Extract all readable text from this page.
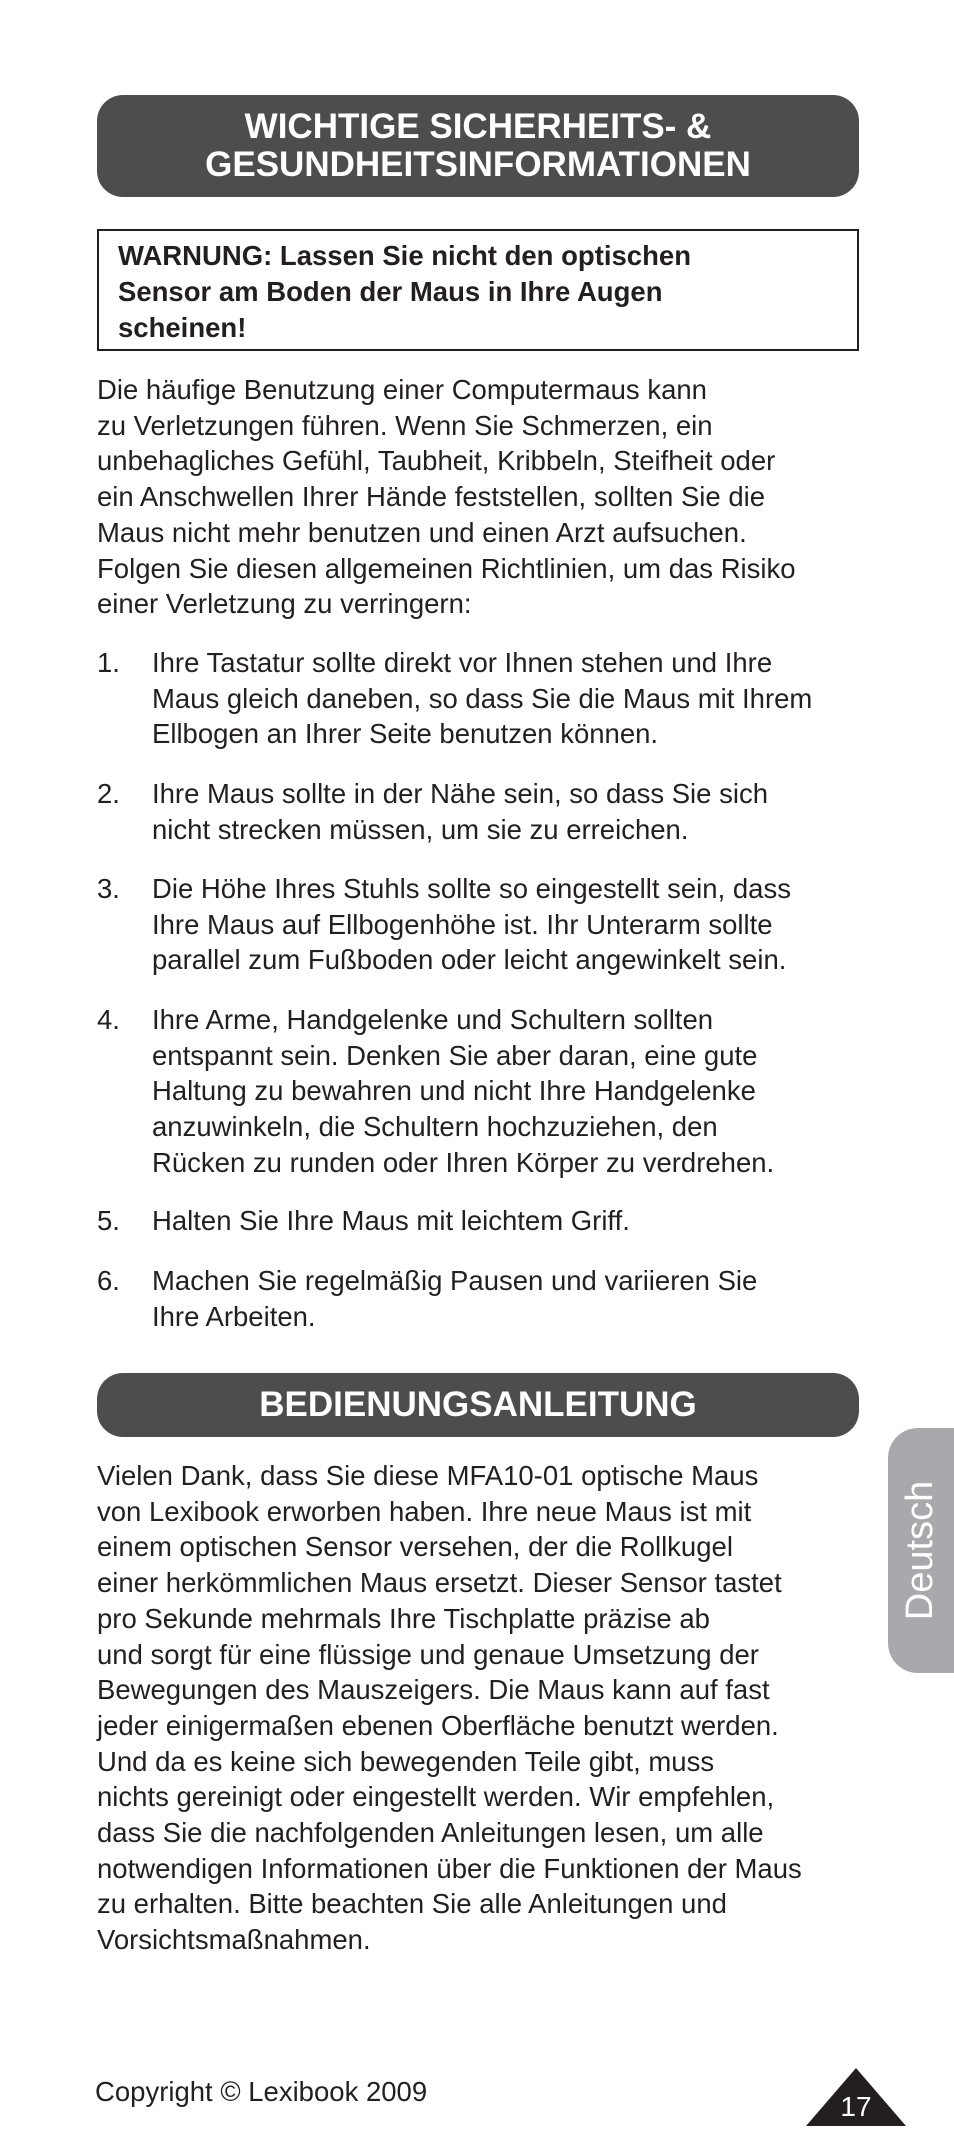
WICHTIGE SICHERHEITS- &
GESUNDHEITSINFORMATIONEN
WARNUNG: Lassen Sie nicht den optischen
Sensor am Boden der Maus in Ihre Augen
scheinen!
Die häufige Benutzung einer Computermaus kann
zu Verletzungen führen. Wenn Sie Schmerzen, ein
unbehagliches Gefühl, Taubheit, Kribbeln, Steifheit oder
ein Anschwellen Ihrer Hände feststellen, sollten Sie die
Maus nicht mehr benutzen und einen Arzt aufsuchen.
Folgen Sie diesen allgemeinen Richtlinien, um das Risiko
einer Verletzung zu verringern:
1.	Ihre Tastatur sollte direkt vor Ihnen stehen und Ihre
Maus gleich daneben, so dass Sie die Maus mit Ihrem
Ellbogen an Ihrer Seite benutzen können.
2.	Ihre Maus sollte in der Nähe sein, so dass Sie sich
nicht strecken müssen, um sie zu erreichen.
3.	Die Höhe Ihres Stuhls sollte so eingestellt sein, dass
Ihre Maus auf Ellbogenhöhe ist. Ihr Unterarm sollte
parallel zum Fußboden oder leicht angewinkelt sein.
4.	Ihre Arme, Handgelenke und Schultern sollten
entspannt sein. Denken Sie aber daran, eine gute
Haltung zu bewahren und nicht Ihre Handgelenke
anzuwinkeln, die Schultern hochzuziehen, den
Rücken zu runden oder Ihren Körper zu verdrehen.
5.	Halten Sie Ihre Maus mit leichtem Griff.
6.	Machen Sie regelmäßig Pausen und variieren Sie
Ihre Arbeiten.
BEDIENUNGSANLEITUNG
Vielen Dank, dass Sie diese MFA10-01 optische Maus
von Lexibook erworben haben. Ihre neue Maus ist mit
einem optischen Sensor versehen, der die Rollkugel
einer herkömmlichen Maus ersetzt. Dieser Sensor tastet
pro Sekunde mehrmals Ihre Tischplatte präzise ab
und sorgt für eine flüssige und genaue Umsetzung der
Bewegungen des Mauszeigers. Die Maus kann auf fast
jeder einigermaßen ebenen Oberfläche benutzt werden.
Und da es keine sich bewegenden Teile gibt, muss
nichts gereinigt oder eingestellt werden. Wir empfehlen,
dass Sie die nachfolgenden Anleitungen lesen, um alle
notwendigen Informationen über die Funktionen der Maus
zu erhalten. Bitte beachten Sie alle Anleitungen und
Vorsichtsmaßnahmen.
Deutsch
Copyright © Lexibook 2009	17
